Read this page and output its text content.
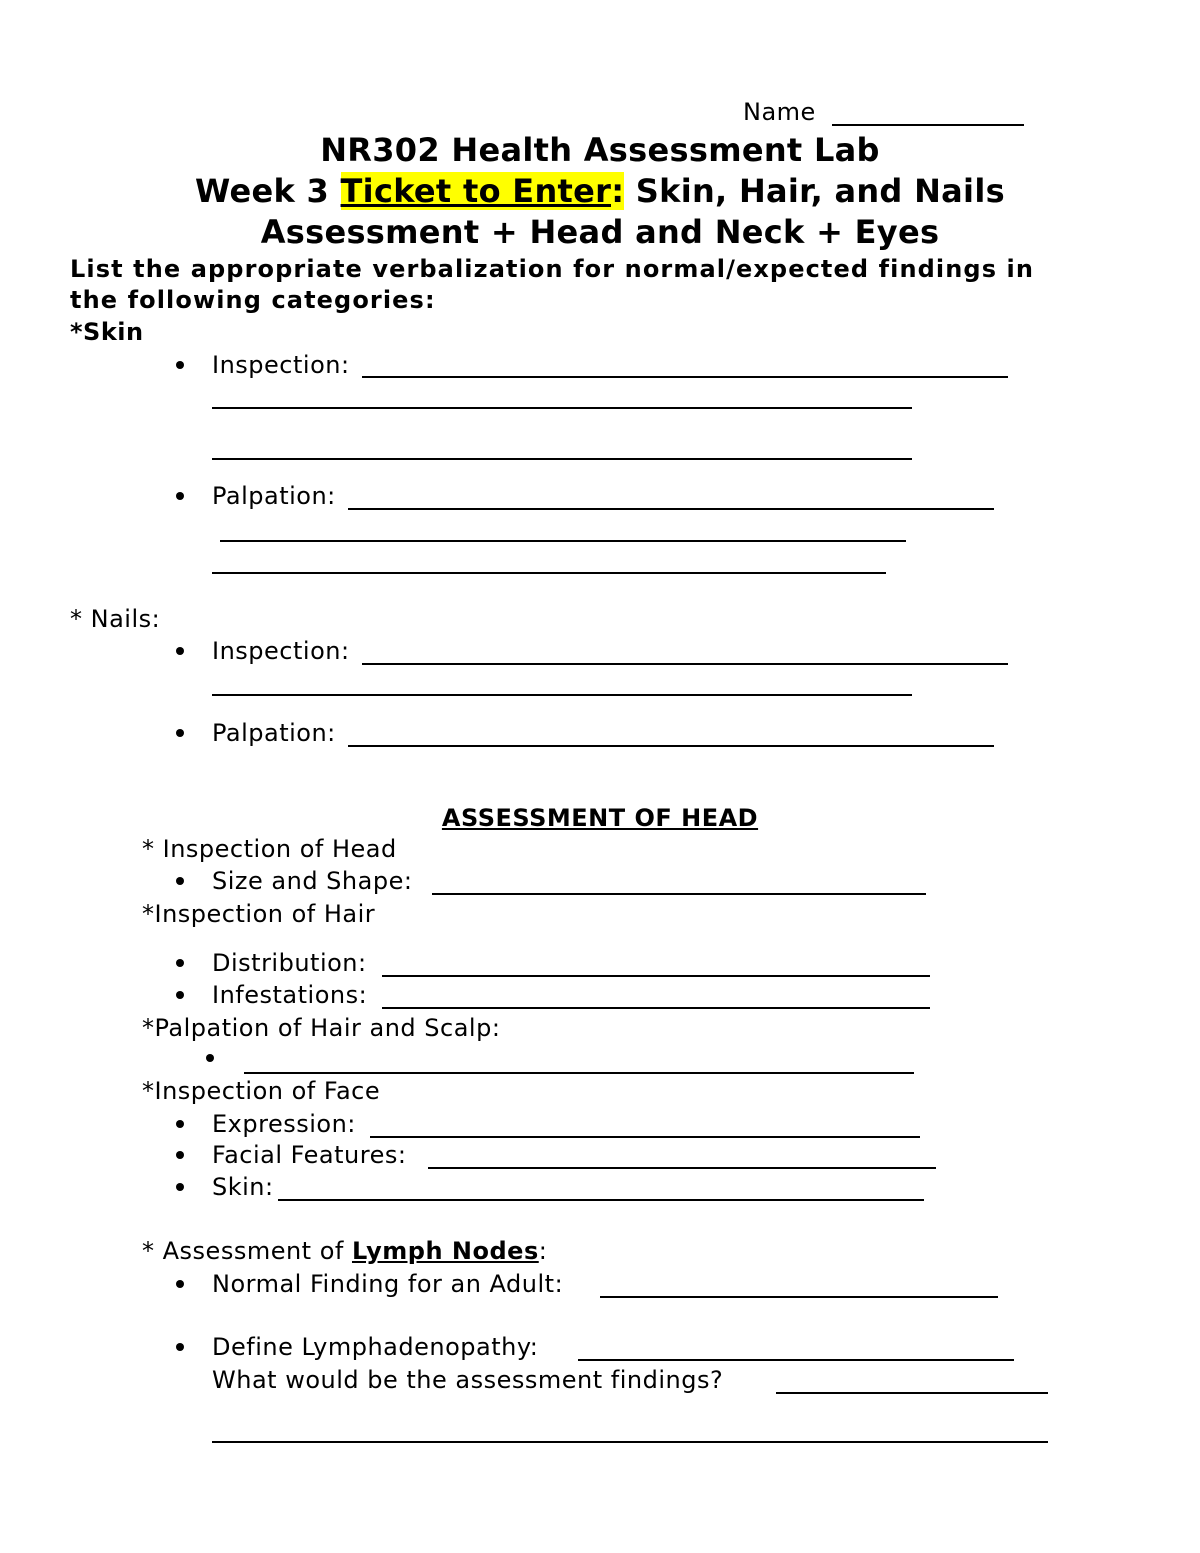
Name
NR302 Health Assessment Lab
Week 3 Ticket to Enter: Skin, Hair, and Nails
Assessment + Head and Neck + Eyes
List the appropriate verbalization for normal/expected findings in
the following categories:
*Skin
Inspection:
Palpation:
* Nails:
Inspection:
Palpation:
ASSESSMENT OF HEAD
* Inspection of Head
Size and Shape:
*Inspection of Hair
Distribution:
Infestations:
*Palpation of Hair and Scalp:
*Inspection of Face
Expression:
Facial Features:
Skin:
* Assessment of Lymph Nodes:
Normal Finding for an Adult:
Define Lymphadenopathy:
What would be the assessment findings?
